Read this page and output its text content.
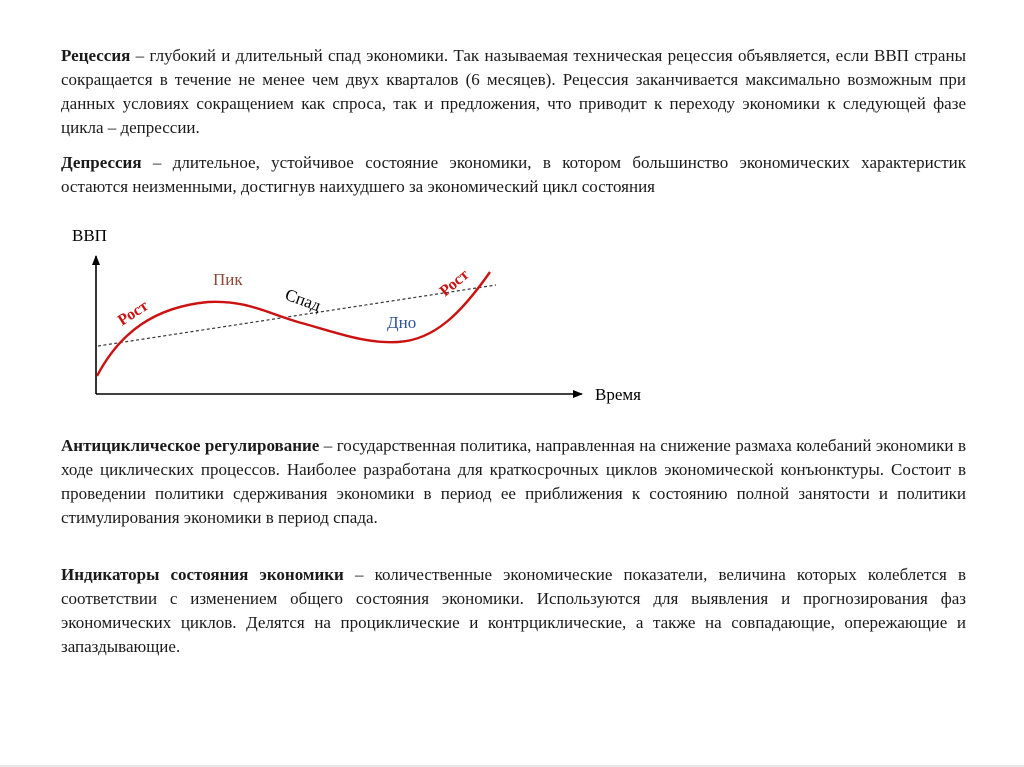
Рецессия – глубокий и длительный спад экономики. Так называемая техническая рецессия объявляется, если ВВП страны сокращается в течение не менее чем двух кварталов (6 месяцев). Рецессия заканчивается максимально возможным при данных условиях сокращением как спроса, так и предложения, что приводит к переходу экономики к следующей фазе цикла – депрессии.

Депрессия – длительное, устойчивое состояние экономики, в котором большинство экономических характеристик остаются неизменными, достигнув наихудшего за экономический цикл состояния

ВВП
Время
Рост
Пик
Спад
Дно
Рост

Антициклическое регулирование – государственная политика, направленная на снижение размаха колебаний экономики в ходе циклических процессов. Наиболее разработана для краткосрочных циклов экономической конъюнктуры. Состоит в проведении политики сдерживания экономики в период ее приближения к состоянию полной занятости и политики стимулирования экономики в период спада.

Индикаторы состояния экономики – количественные экономические показатели, величина которых колеблется в соответствии с изменением общего состояния экономики. Используются для выявления и прогнозирования фаз экономических циклов. Делятся на проциклические и контрциклические, а также на совпадающие, опережающие и запаздывающие.
